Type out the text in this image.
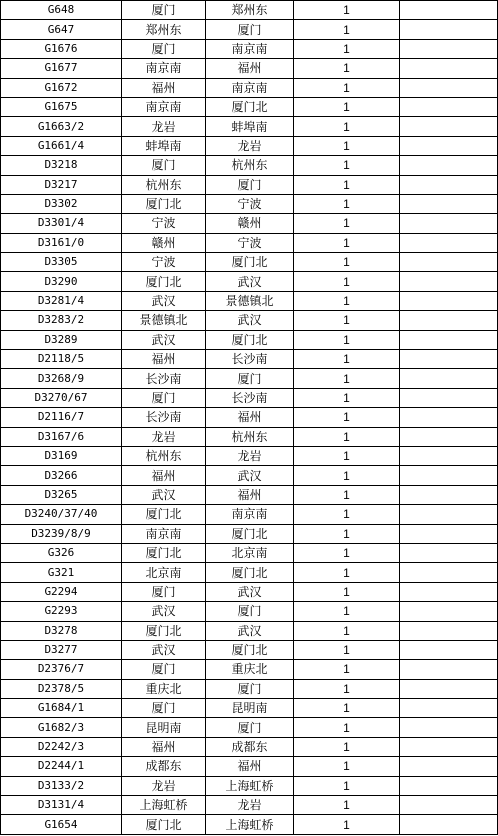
G648	厦门	郑州东	1	
G647	郑州东	厦门	1	
G1676	厦门	南京南	1	
G1677	南京南	福州	1	
G1672	福州	南京南	1	
G1675	南京南	厦门北	1	
G1663/2	龙岩	蚌埠南	1	
G1661/4	蚌埠南	龙岩	1	
D3218	厦门	杭州东	1	
D3217	杭州东	厦门	1	
D3302	厦门北	宁波	1	
D3301/4	宁波	赣州	1	
D3161/0	赣州	宁波	1	
D3305	宁波	厦门北	1	
D3290	厦门北	武汉	1	
D3281/4	武汉	景德镇北	1	
D3283/2	景德镇北	武汉	1	
D3289	武汉	厦门北	1	
D2118/5	福州	长沙南	1	
D3268/9	长沙南	厦门	1	
D3270/67	厦门	长沙南	1	
D2116/7	长沙南	福州	1	
D3167/6	龙岩	杭州东	1	
D3169	杭州东	龙岩	1	
D3266	福州	武汉	1	
D3265	武汉	福州	1	
D3240/37/40	厦门北	南京南	1	
D3239/8/9	南京南	厦门北	1	
G326	厦门北	北京南	1	
G321	北京南	厦门北	1	
G2294	厦门	武汉	1	
G2293	武汉	厦门	1	
D3278	厦门北	武汉	1	
D3277	武汉	厦门北	1	
D2376/7	厦门	重庆北	1	
D2378/5	重庆北	厦门	1	
G1684/1	厦门	昆明南	1	
G1682/3	昆明南	厦门	1	
D2242/3	福州	成都东	1	
D2244/1	成都东	福州	1	
D3133/2	龙岩	上海虹桥	1	
D3131/4	上海虹桥	龙岩	1	
G1654	厦门北	上海虹桥	1	
